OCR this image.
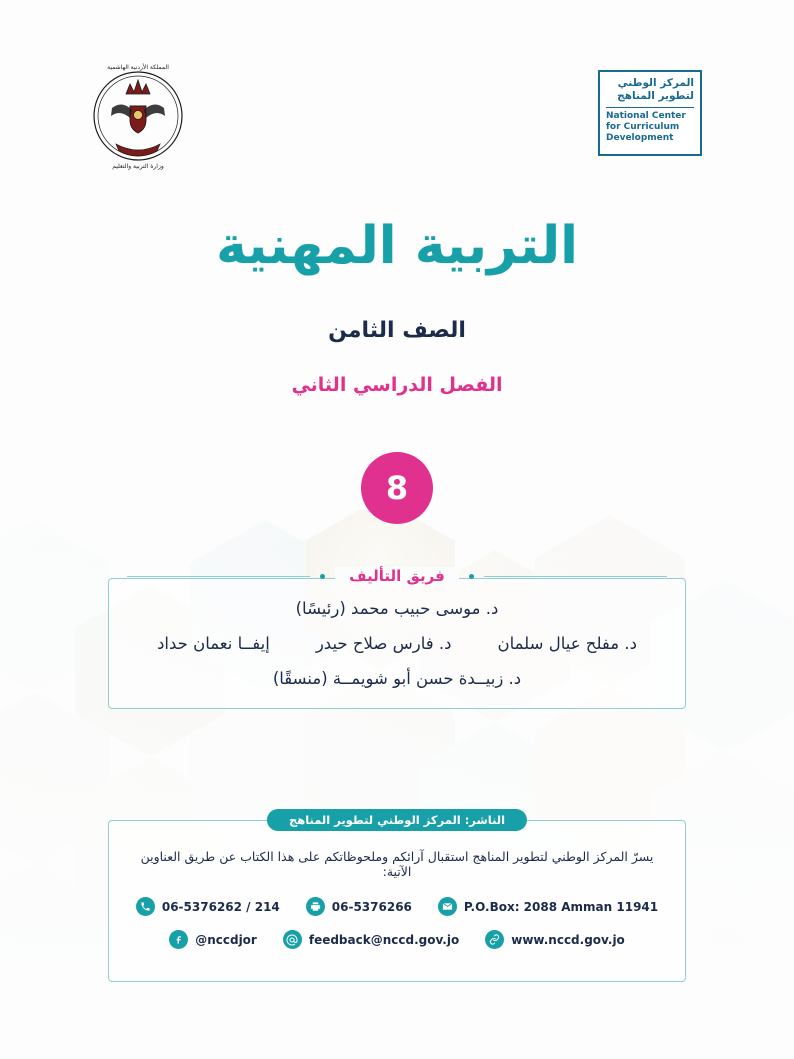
المملكة الأردنية الهاشمية
وزارة التربية والتعليم
المركز الوطني
لتطوير المناهج
National Center
for Curriculum
Development
التربية المهنية
الصف الثامن
الفصل الدراسي الثاني
8
فريق التأليف
د. موسى حبيب محمد (رئيسًا)
د. مفلح عيال سلمان
د. فارس صلاح حيدر
إيفــا نعمان حداد
د. زبيــدة حسن أبو شويمــة (منسقًا)
الناشر: المركز الوطني لتطوير المناهج
يسرّ المركز الوطني لتطوير المناهج استقبال آرائكم وملحوظاتكم على هذا الكتاب عن طريق العناوين الآتية:
06-5376262 / 214	06-5376266	P.O.Box: 2088 Amman 11941
@nccdjor	feedback@nccd.gov.jo	www.nccd.gov.jo
